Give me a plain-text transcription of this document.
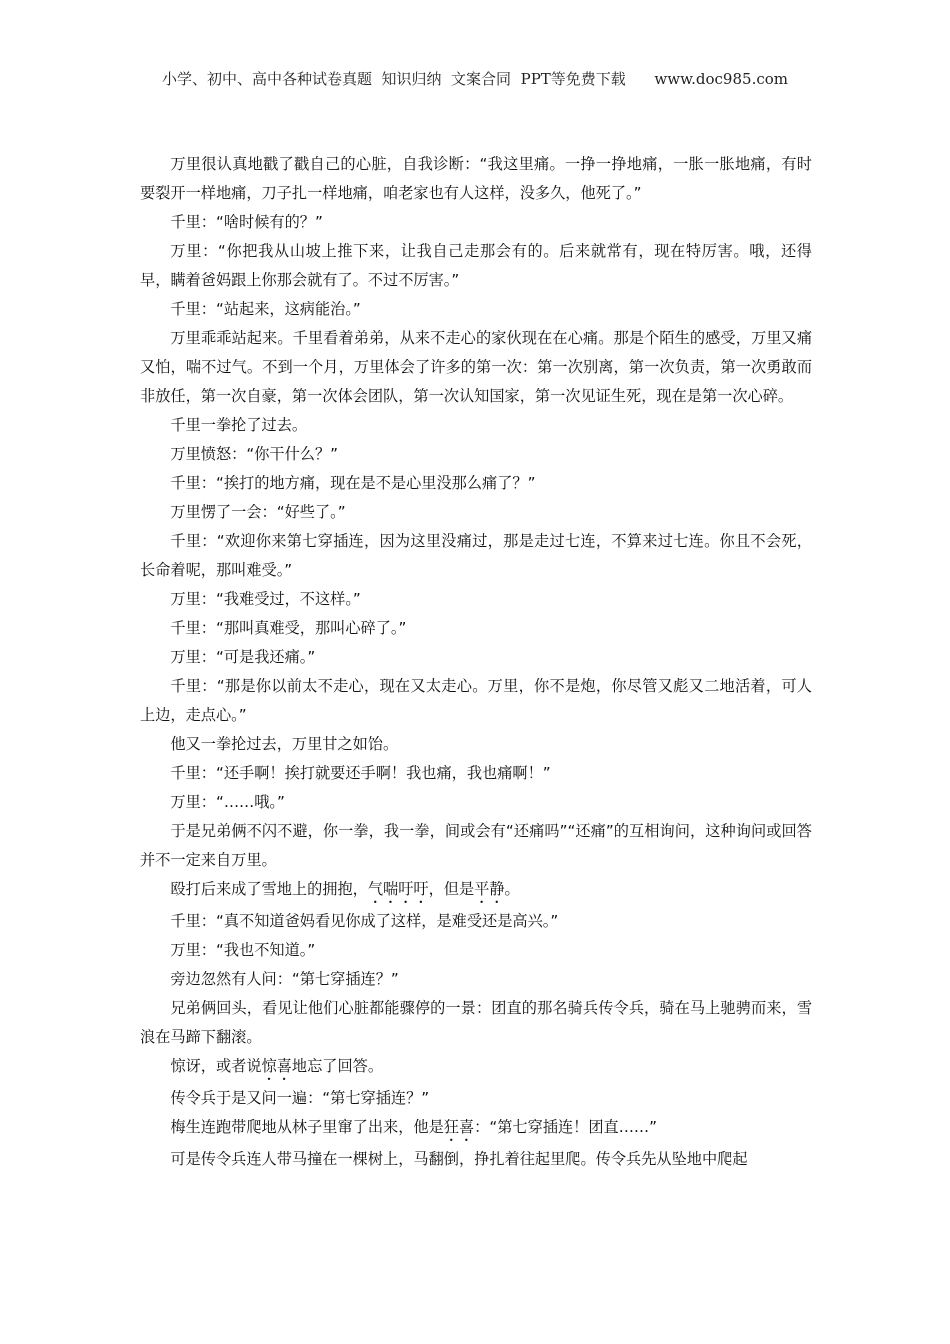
小学、初中、高中各种试卷真题  知识归纳  文案合同  PPT等免费下载      www.doc985.com

万里很认真地戳了戳自己的心脏，自我诊断：“我这里痛。一挣一挣地痛，一胀一胀地痛，有时要裂开一样地痛，刀子扎一样地痛，咱老家也有人这样，没多久，他死了。”

千里：“啥时候有的？”

万里：“你把我从山坡上推下来，让我自己走那会有的。后来就常有，现在特厉害。哦，还得早，瞒着爸妈跟上你那会就有了。不过不厉害。”

千里：“站起来，这病能治。”

万里乖乖站起来。千里看着弟弟，从来不走心的家伙现在在心痛。那是个陌生的感受，万里又痛又怕，喘不过气。不到一个月，万里体会了许多的第一次：第一次别离，第一次负责，第一次勇敢而非放任，第一次自豪，第一次体会团队，第一次认知国家，第一次见证生死，现在是第一次心碎。

千里一拳抡了过去。

万里愤怒：“你干什么？”

千里：“挨打的地方痛，现在是不是心里没那么痛了？”

万里愣了一会：“好些了。”

千里：“欢迎你来第七穿插连，因为这里没痛过，那是走过七连，不算来过七连。你且不会死，长命着呢，那叫难受。”

万里：“我难受过，不这样。”

千里：“那叫真难受，那叫心碎了。”

万里：“可是我还痛。”

千里：“那是你以前太不走心，现在又太走心。万里，你不是炮，你尽管又彪又二地活着，可人上边，走点心。”

他又一拳抡过去，万里甘之如饴。

千里：“还手啊！挨打就要还手啊！我也痛，我也痛啊！”

万里：“……哦。”

于是兄弟俩不闪不避，你一拳，我一拳，间或会有“还痛吗”“还痛”的互相询问，这种询问或回答并不一定来自万里。

殴打后来成了雪地上的拥抱，气喘吁吁，但是平静。

千里：“真不知道爸妈看见你成了这样，是难受还是高兴。”

万里：“我也不知道。”

旁边忽然有人问：“第七穿插连？”

兄弟俩回头，看见让他们心脏都能骤停的一景：团直的那名骑兵传令兵，骑在马上驰骋而来，雪浪在马蹄下翻滚。

惊讶，或者说惊喜地忘了回答。

传令兵于是又问一遍：“第七穿插连？”

梅生连跑带爬地从林子里窜了出来，他是狂喜：“第七穿插连！团直……”

可是传令兵连人带马撞在一棵树上，马翻倒，挣扎着往起里爬。传令兵先从坠地中爬起
